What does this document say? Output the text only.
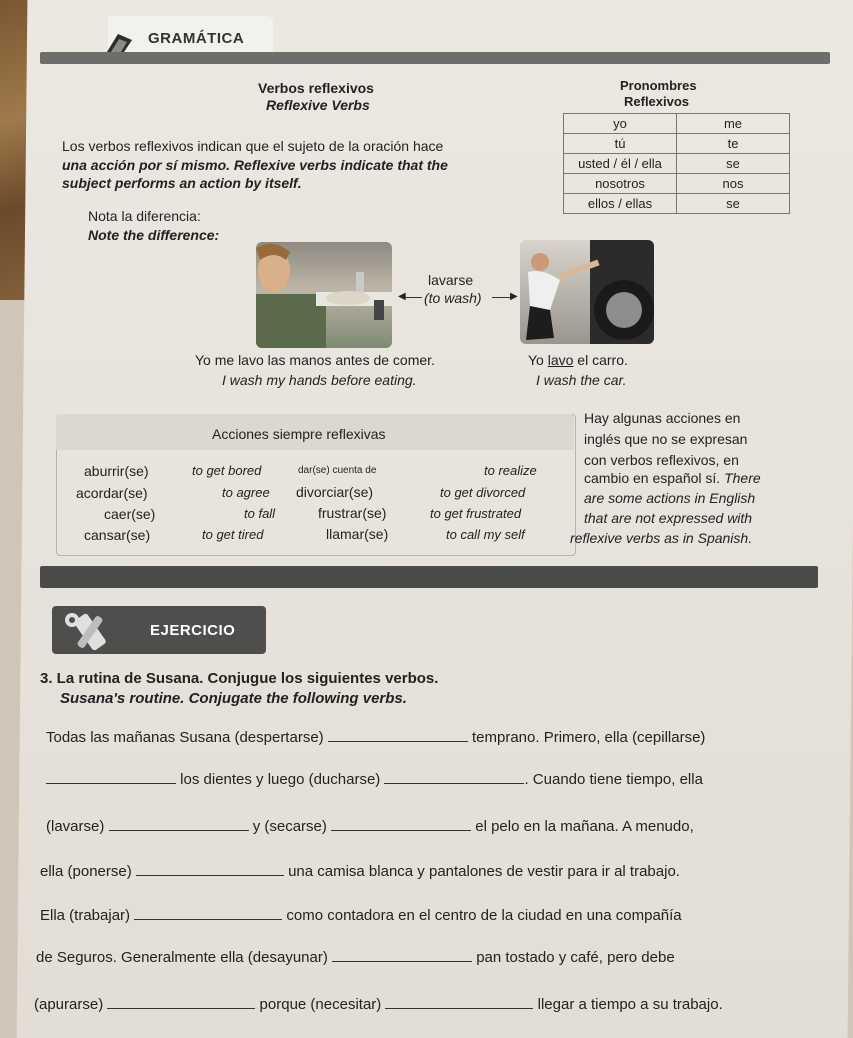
GRAMÁTICA
Verbos reflexivos
Reflexive Verbs
Los verbos reflexivos indican que el sujeto de la oración hace
una acción por sí mismo. Reflexive verbs indicate that the
subject performs an action by itself.
Nota la diferencia:
Note the difference:
Pronombres
Reflexivos
yo	me
tú	te
usted / él / ella	se
nosotros	nos
ellos / ellas	se
lavarse
(to wash)
◀	▶
Yo me lavo las manos antes de comer.
I wash my hands before eating.
Yo lavo el carro.
I wash the car.
Acciones siempre reflexivas
aburrir(se)	to get bored	dar(se) cuenta de	to realize
acordar(se)	to agree divorciar(se)	to get divorced
caer(se)	to fall	frustrar(se)	to get frustrated
cansar(se)	to get tired	llamar(se)	to call my self
Hay algunas acciones en
inglés que no se expresan
con verbos reflexivos, en
cambio en español sí. There
are some actions in English
that are not expressed with
reflexive verbs as in Spanish.
EJERCICIO
3. La rutina de Susana. Conjugue los siguientes verbos.
Susana's routine. Conjugate the following verbs.
Todas las mañanas Susana (despertarse)	temprano. Primero, ella (cepillarse)
los dientes y luego (ducharse)	. Cuando tiene tiempo, ella
(lavarse)	y (secarse)	el pelo en la mañana. A menudo,
ella (ponerse)	una camisa blanca y pantalones de vestir para ir al trabajo.
Ella (trabajar)	como contadora en el centro de la ciudad en una compañía
de Seguros. Generalmente ella (desayunar)	pan tostado y café, pero debe
(apurarse)	porque (necesitar)	llegar a tiempo a su trabajo.
